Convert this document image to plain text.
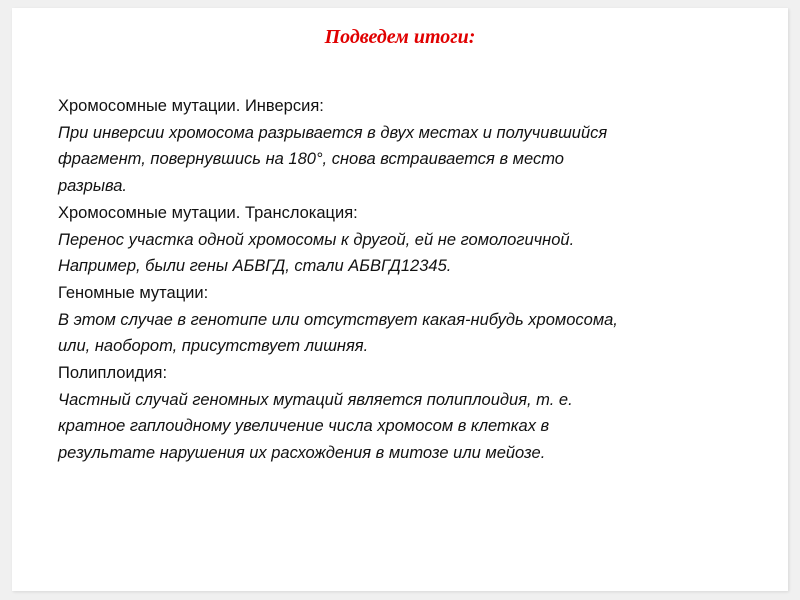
Подведем итоги:
Хромосомные мутации. Инверсия:
При инверсии хромосома разрывается в двух местах и получившийся
фрагмент, повернувшись на 180°, снова встраивается в место
разрыва.
Хромосомные мутации. Транслокация:
Перенос участка одной хромосомы к другой, ей не гомологичной.
Например, были гены АБВГД, стали АБВГД12345.
Геномные мутации:
В этом случае в генотипе или отсутствует какая-нибудь хромосома,
или, наоборот, присутствует лишняя.
Полиплоидия:
Частный случай геномных мутаций является полиплоидия, т. е.
кратное гаплоидному увеличение числа хромосом в клетках в
результате нарушения их расхождения в митозе или мейозе.
